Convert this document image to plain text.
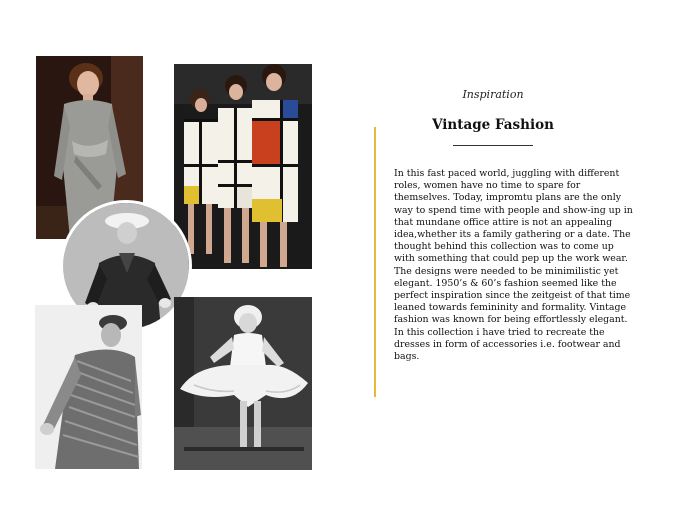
Inspiration
Vintage Fashion

In this fast paced world, juggling with different roles, women have no time to spare for themselves. Today, impromtu plans are the only way to spend time with people and show-ing up in that mundane office attire is not an appealing idea,whether its a family gathering or a date. The thought behind this collection was to come up with something that could pep up the work wear. The designs were needed to be minimilistic yet elegant. 1950’s & 60’s fashion seemed like the perfect inspiration since the zeitgeist of that time leaned towards femininity and formality. Vintage fashion was known for being effortlessly elegant.

In this collection i have tried to recreate the dresses in form of accessories i.e. footwear and bags.
